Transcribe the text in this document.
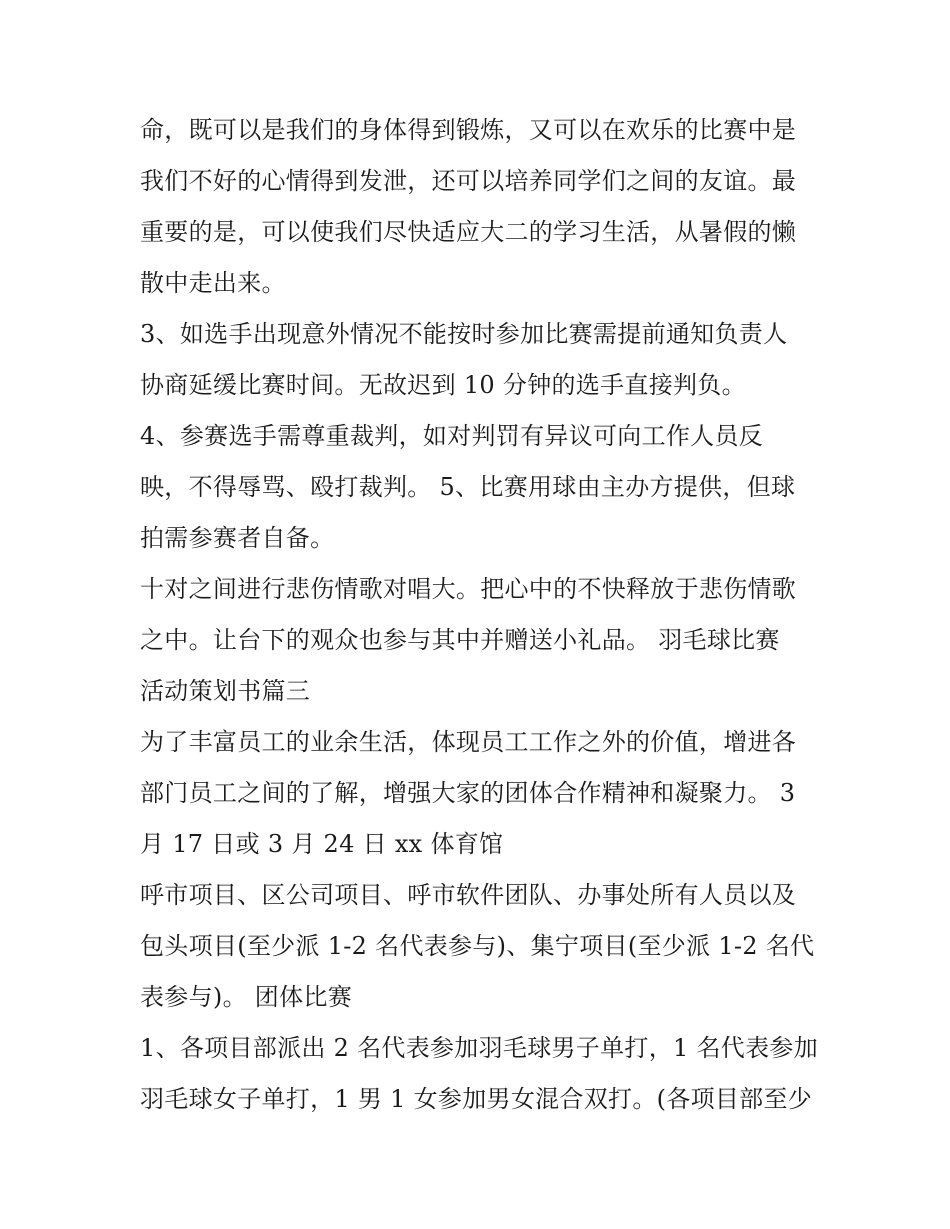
命，既可以是我们的身体得到锻炼，又可以在欢乐的比赛中是
我们不好的心情得到发泄，还可以培养同学们之间的友谊。最
重要的是，可以使我们尽快适应大二的学习生活，从暑假的懒
散中走出来。
3、如选手出现意外情况不能按时参加比赛需提前通知负责人
协商延缓比赛时间。无故迟到 10 分钟的选手直接判负。
4、参赛选手需尊重裁判，如对判罚有异议可向工作人员反
映，不得辱骂、殴打裁判。 5、比赛用球由主办方提供，但球
拍需参赛者自备。
十对之间进行悲伤情歌对唱大。把心中的不快释放于悲伤情歌
之中。让台下的观众也参与其中并赠送小礼品。 羽毛球比赛
活动策划书篇三
为了丰富员工的业余生活，体现员工工作之外的价值，增进各
部门员工之间的了解，增强大家的团体合作精神和凝聚力。 3
月 17 日或 3 月 24 日 xx 体育馆
呼市项目、区公司项目、呼市软件团队、办事处所有人员以及
包头项目(至少派 1-2 名代表参与)、集宁项目(至少派 1-2 名代
表参与)。 团体比赛
1、各项目部派出 2 名代表参加羽毛球男子单打，1 名代表参加
羽毛球女子单打，1 男 1 女参加男女混合双打。(各项目部至少
